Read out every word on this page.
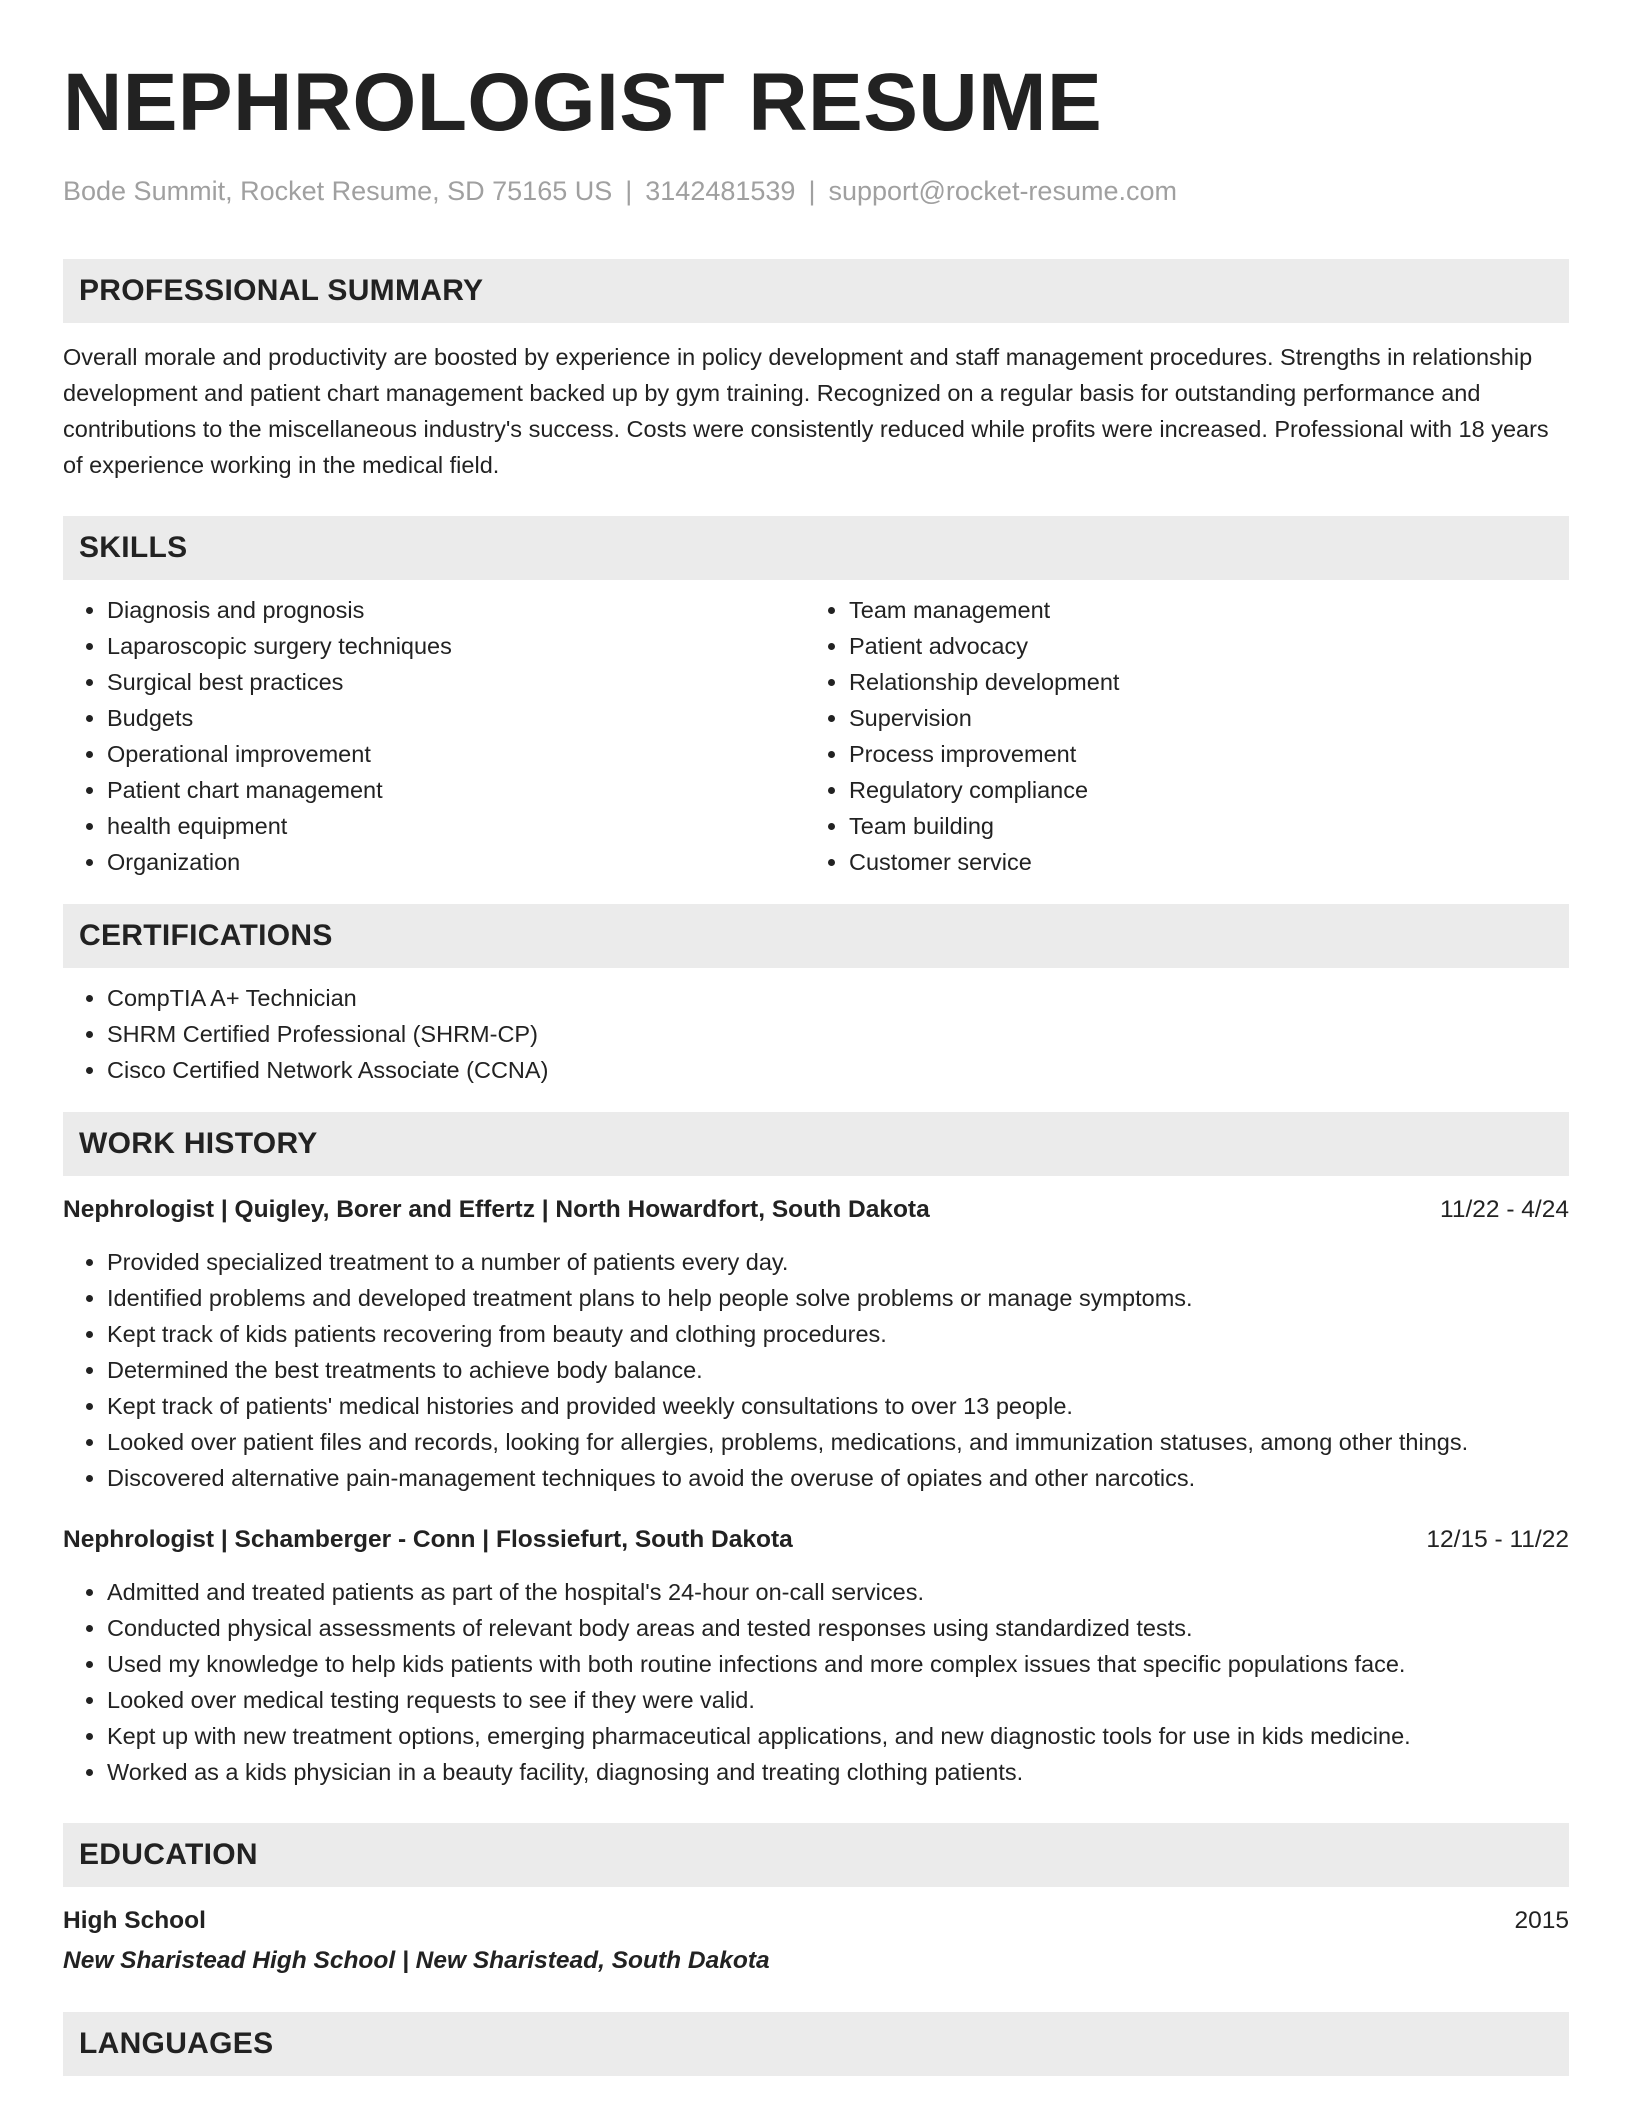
NEPHROLOGIST RESUME
Bode Summit, Rocket Resume, SD 75165 US | 3142481539 | support@rocket-resume.com
PROFESSIONAL SUMMARY

Overall morale and productivity are boosted by experience in policy development and staff management procedures. Strengths in relationship development and patient chart management backed up by gym training. Recognized on a regular basis for outstanding performance and contributions to the miscellaneous industry's success. Costs were consistently reduced while profits were increased. Professional with 18 years of experience working in the medical field.

SKILLS
• Diagnosis and prognosis
• Laparoscopic surgery techniques
• Surgical best practices
• Budgets
• Operational improvement
• Patient chart management
• health equipment
• Organization
• Team management
• Patient advocacy
• Relationship development
• Supervision
• Process improvement
• Regulatory compliance
• Team building
• Customer service
CERTIFICATIONS
• CompTIA A+ Technician
• SHRM Certified Professional (SHRM-CP)
• Cisco Certified Network Associate (CCNA)
WORK HISTORY
Nephrologist | Quigley, Borer and Effertz | North Howardfort, South Dakota	11/22 - 4/24
• Provided specialized treatment to a number of patients every day.
• Identified problems and developed treatment plans to help people solve problems or manage symptoms.
• Kept track of kids patients recovering from beauty and clothing procedures.
• Determined the best treatments to achieve body balance.
• Kept track of patients' medical histories and provided weekly consultations to over 13 people.
• Looked over patient files and records, looking for allergies, problems, medications, and immunization statuses, among other things.
• Discovered alternative pain-management techniques to avoid the overuse of opiates and other narcotics.
Nephrologist | Schamberger - Conn | Flossiefurt, South Dakota	12/15 - 11/22
• Admitted and treated patients as part of the hospital's 24-hour on-call services.
• Conducted physical assessments of relevant body areas and tested responses using standardized tests.
• Used my knowledge to help kids patients with both routine infections and more complex issues that specific populations face.
• Looked over medical testing requests to see if they were valid.
• Kept up with new treatment options, emerging pharmaceutical applications, and new diagnostic tools for use in kids medicine.
• Worked as a kids physician in a beauty facility, diagnosing and treating clothing patients.
EDUCATION
High School	2015
New Sharistead High School | New Sharistead, South Dakota
LANGUAGES
